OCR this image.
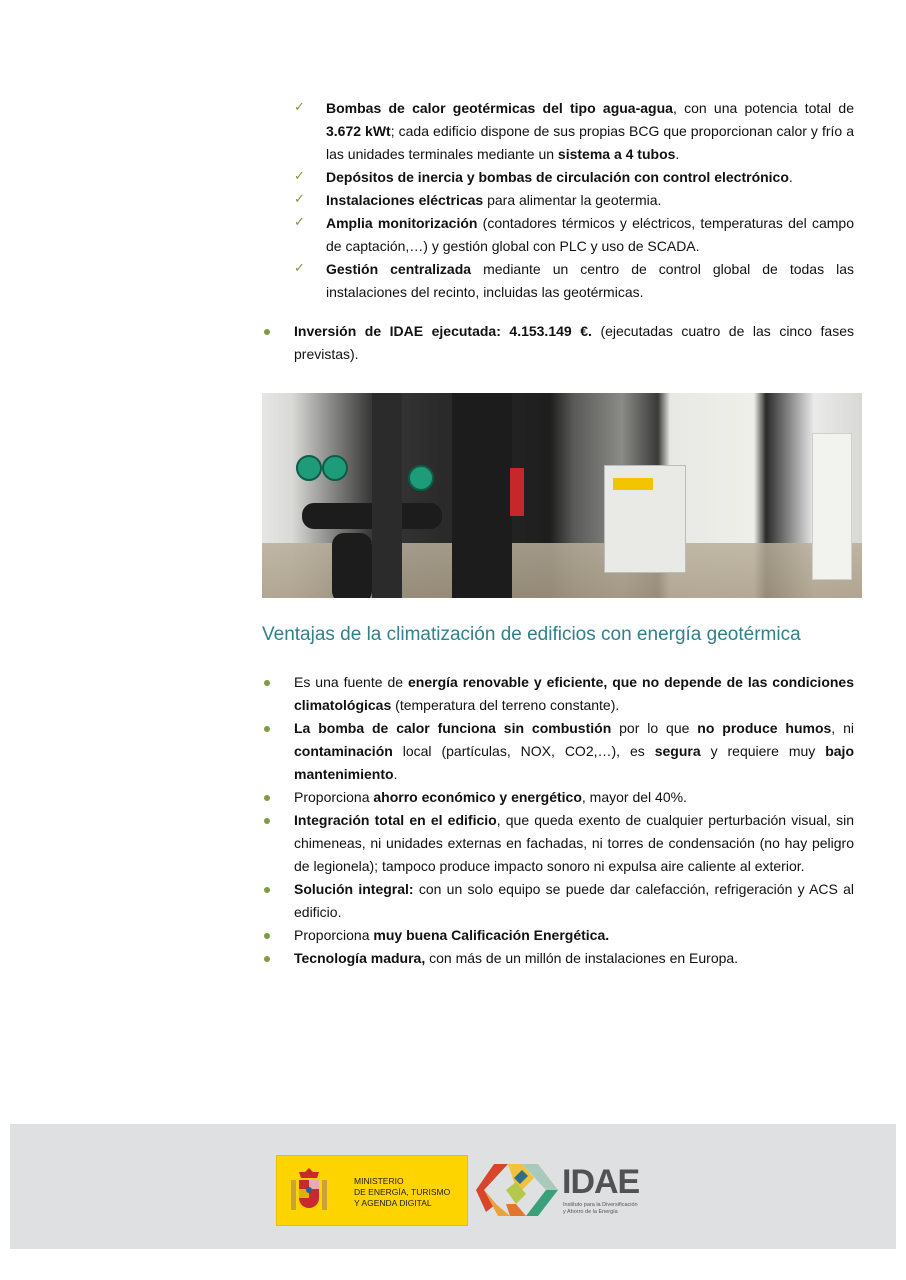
✓ Bombas de calor geotérmicas del tipo agua-agua, con una potencia total de 3.672 kWt; cada edificio dispone de sus propias BCG que proporcionan calor y frío a las unidades terminales mediante un sistema a 4 tubos.
✓ Depósitos de inercia y bombas de circulación con control electrónico.
✓ Instalaciones eléctricas para alimentar la geotermia.
✓ Amplia monitorización (contadores térmicos y eléctricos, temperaturas del campo de captación,…) y gestión global con PLC y uso de SCADA.
✓ Gestión centralizada mediante un centro de control global de todas las instalaciones del recinto, incluidas las geotérmicas.
Inversión de IDAE ejecutada: 4.153.149 €. (ejecutadas cuatro de las cinco fases previstas).
Ventajas de la climatización de edificios con energía geotérmica
Es una fuente de energía renovable y eficiente, que no depende de las condiciones climatológicas (temperatura del terreno constante).
La bomba de calor funciona sin combustión por lo que no produce humos, ni contaminación local (partículas, NOX, CO2,…), es segura y requiere muy bajo mantenimiento.
Proporciona ahorro económico y energético, mayor del 40%.
Integración total en el edificio, que queda exento de cualquier perturbación visual, sin chimeneas, ni unidades externas en fachadas, ni torres de condensación (no hay peligro de legionela); tampoco produce impacto sonoro ni expulsa aire caliente al exterior.
Solución integral: con un solo equipo se puede dar calefacción, refrigeración y ACS al edificio.
Proporciona muy buena Calificación Energética.
Tecnología madura, con más de un millón de instalaciones en Europa.
MINISTERIO
DE ENERGÍA, TURISMO
Y AGENDA DIGITAL
IDAE
Instituto para la Diversificación
y Ahorro de la Energía
